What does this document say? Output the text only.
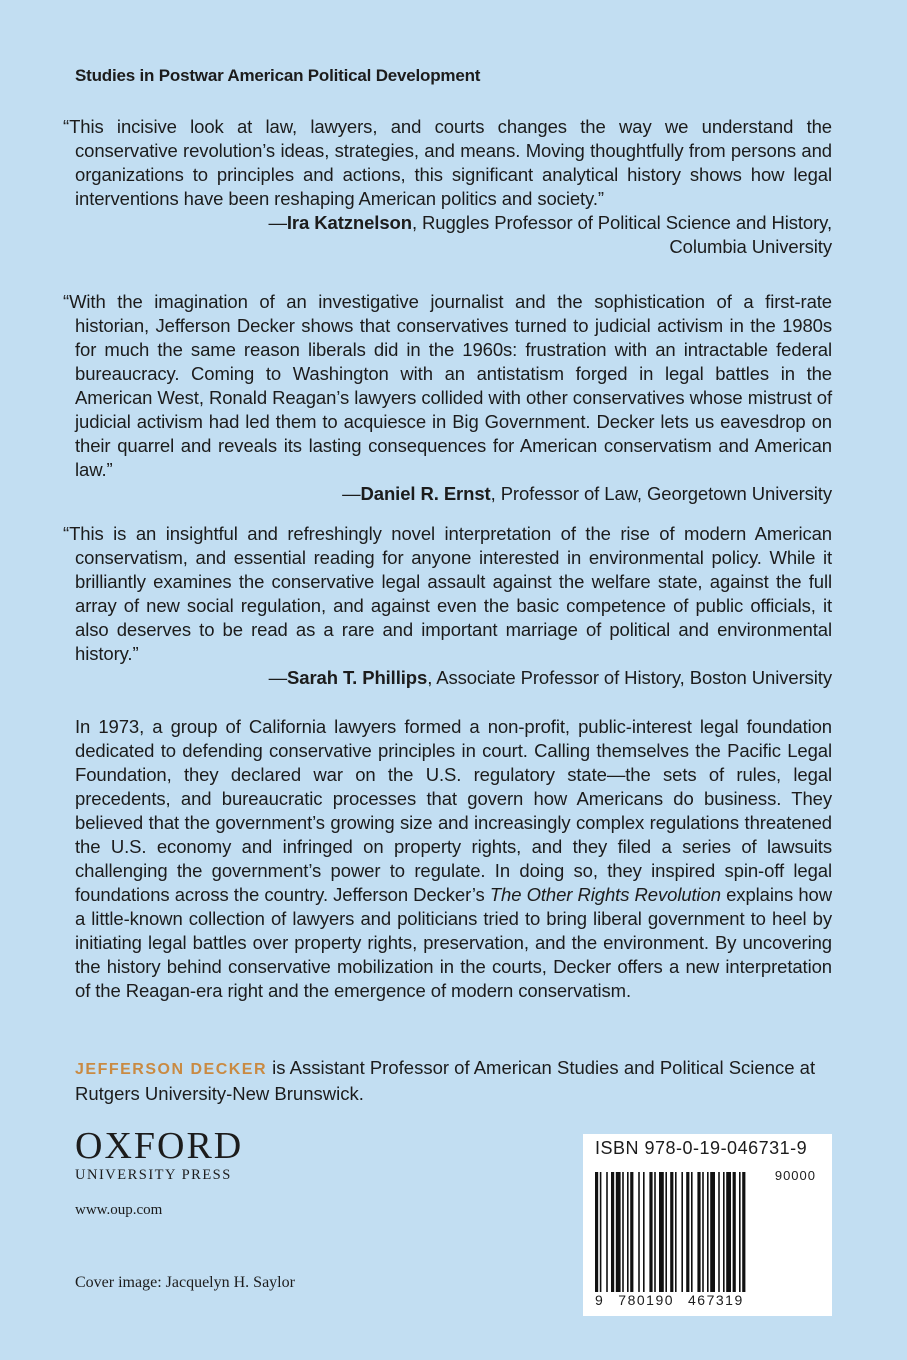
Studies in Postwar American Political Development

“This incisive look at law, lawyers, and courts changes the way we understand the conservative revolution’s ideas, strategies, and means. Moving thoughtfully from persons and organizations to principles and actions, this significant analytical history shows how legal interventions have been reshaping American politics and society.”

—Ira Katznelson, Ruggles Professor of Political Science and History,

Columbia University

“With the imagination of an investigative journalist and the sophistication of a first-rate historian, Jefferson Decker shows that conservatives turned to judicial activism in the 1980s for much the same reason liberals did in the 1960s: frustration with an intractable federal bureaucracy. Coming to Washington with an antistatism forged in legal battles in the American West, Ronald Reagan’s lawyers collided with other conservatives whose mistrust of judicial activism had led them to acquiesce in Big Government. Decker lets us eavesdrop on their quarrel and reveals its lasting consequences for American conservatism and American law.”

—Daniel R. Ernst, Professor of Law, Georgetown University

“This is an insightful and refreshingly novel interpretation of the rise of modern American conservatism, and essential reading for anyone interested in environmental policy. While it brilliantly examines the conservative legal assault against the welfare state, against the full array of new social regulation, and against even the basic competence of public officials, it also deserves to be read as a rare and important marriage of political and environmental history.”

—Sarah T. Phillips, Associate Professor of History, Boston University

In 1973, a group of California lawyers formed a non-profit, public-interest legal foundation dedicated to defending conservative principles in court. Calling themselves the Pacific Legal Foundation, they declared war on the U.S. regulatory state—the sets of rules, legal precedents, and bureaucratic processes that govern how Americans do business. They believed that the government’s growing size and increasingly complex regulations threatened the U.S. economy and infringed on property rights, and they filed a series of lawsuits challenging the government’s power to regulate. In doing so, they inspired spin-off legal foundations across the country. Jefferson Decker’s The Other Rights Revolution explains how a little-known collection of lawyers and politicians tried to bring liberal government to heel by initiating legal battles over property rights, preservation, and the environment. By uncovering the history behind conservative mobilization in the courts, Decker offers a new interpretation of the Reagan-era right and the emergence of modern conservatism.

JEFFERSON DECKER is Assistant Professor of American Studies and Political Science at Rutgers University-New Brunswick.

OXFORD
UNIVERSITY PRESS
www.oup.com
Cover image: Jacquelyn H. Saylor
ISBN 978-0-19-046731-9
90000
9 780190 467319
